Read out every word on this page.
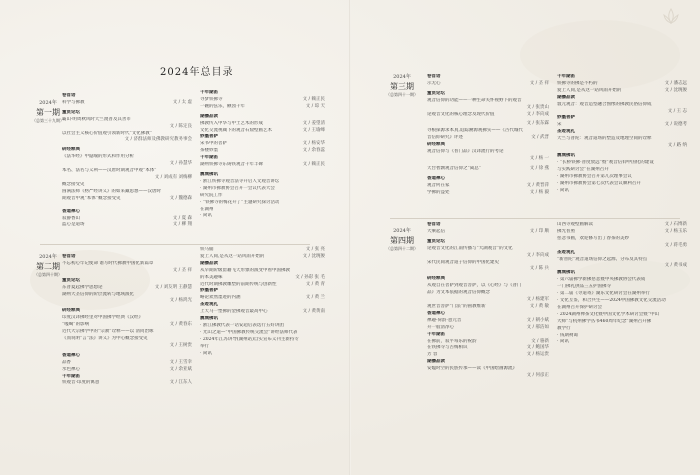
2024年总目录
2024年
第一期
（总第三十九期）
卷首语
科学与佛教	文 / 太 虚
董贯论坛
霸山·明周秋风时天竺渡普及其善市
文 / 陈定良
以社会主义核心价值观引领新时代“文化佛教”
文 / 济群法师及佛教研究教务事会
研经释典
《法华经》中隐喻的形式和作用分析
文 / 孙慧华
本名、法名与义利——汉唐时期观音中观“本体”
文 / 刘成有 刘梅柳
概念接受史
圆满法师《楞严经讲义》的如来藏思想——汉唐时
期观音中观“本体”概念接受史	文 / 魏德森
香道禅心
寂静香山	文 / 夏 森
蓝心是道场	文 / 柳 翔
千年湖笛
寻梦铁佛寺	文 / 赖正民
一碗的弦乐，额园千年	文 / 琼 天
湖播品读
佛教传入中华与中土艺术的形成	文 / 姜望清
文化交流视阈下的观音石窟壁画艺术	文 / 王瑜峰
妙墨菩萨
宋书中的菩萨	文 / 杨安华
茶楼妙墨	文 / 余春蕊
千年湖笛
湖州铁佛寺东铸铁观音千年丰碑	文 / 赖正民
震城佛讯
· 浙江铁佛寺观音法寺开启人文观音讲坛
· 湖州市佛教协会召开一会议代表大会
研究院工作
· “铁佛寺的梅花开了”主题研究探讨活动
在湖州
· 简讯
2024年
第二期
（总第四十期）
卷首语
不忘初心牢记使命 谱写时代佛教中国化新篇章
文 / 圣 祥
董贯论坛
东普夏起佛学思想论	文 / 刘友明 王静慧
湖州大圣信仰的阶层流转与地域演化
文 / 杨鸿光
研经释典
印度汉译佛经里对中国佛学经典《汉经》
“嘎噶”的影响	文 / 黄春东
近代大宗佛学中的“宗教”诠释——以 清同治咏
《而说明“言”法》讲义》为中心概念接受史
文 / 王树贵
香道禅心
品香	文 / 王雪幸
水色禅心	文 / 余亚斌
千年湖笛
铁观音·印度的寓意	文 / 江东人
铁马俑	文 / 张 亮
爱上人间,是从这一站风雨开始的	文 / 沈琬俊
湖播品读
从早期阶级留籍飞天形象的演变中看中国佛教
的本美趣味	文 / 孙彩 张 毛
近代时期佛教雕塑的前期传统与创新性	文 / 黄 青
妙墨菩萨
略论欢然墨迹的内涵	文 / 黄 兰
圣迹观礼
上天马一塑佛的金佛观音最高中心	文 / 黄黄南
震城佛讯
· 浙江佛教代表一话安超后表选行五好讲团
· 光山之道—“中国佛教传统交流会”讲经法师代表
· 2024年江苏讲导(湖州站)自实宣布义刊主新持专
举行
· 简讯
2024年
第三期
（总第四十一期）
卷首语
示无心	文 / 圣 祥
董贯论坛
观音信仰的功能——一种生命关怀视野下的观音
文 / 张贵山
论观音文化的核心理念及现代价值	文 / 李向成
文 / 张东霖
寻根探源求本真,追踪溯源观佛实——《古代城代
音信仰研究》评述	文 / 武晋
研经释典
观音信仰与《普门品》汉译流行的考论
文 / 杨 一
天台智颢观音信仰之“离总”	文 / 徐 燕
香道禅心
观音何在家	文 / 黄晋萍
学佛的益处	文 / 杨 毅
千年湖笛
铁佛寺的佛是不朽的	文 / 潘志远
爱上人间,是从这一站风雨开始的	文 / 沈琬俊
湖播品读
敦元观音：观音造型融合图像的佛教民俗信仰成
文 / 王 志
妙墨菩萨
宋	文 / 说德考
圣迹观礼
天竺与普陀：观音道场的塑造及地理空间的诠释
文 / 路 纳
震城佛讯
· “长桥铁佛·普度放远”暨“观音信仰中国化的建设
与实践研讨会”在湖州召开
· 湖州市佛教协会召开第几次理事会议
· 湖州市佛教协会第七次代表会议顺利召开
· 简讯
2024年
第四期
（总第四十二期）
卷首语
大乘起信	文 / 印 顺
董贯论坛
论观音文化的江南传播与“大湖观音”的文化
文 / 李向成
宋代民间观音道子信仰的中国化建史
文 / 陈 兵
研经释典
从观自在菩萨到观音菩萨，以《心经》与《普门
品》为文本依据的观音信仰概念
文 / 杨建军
观世音菩萨“门法”的圆教维新	文 / 黄 敏
香道禅心
禅趣·荷韵·意元音	文 / 朝小斌
升一般清净心	文 / 郝洁如
千年湖笛
在佛前，寂平每乐的祝韵	文 / 骆新
在铁佛寺与古梅相识	文 / 鲍国华
芳 容	文 / 杨运贵
湖播品读
安媪时空的民族传承——读《中国绘画源流》
文 / 何彦正
山西寺观壁画解读	文 / 石博新
佛光普照	文 / 杨玉乐
慈悲书画，欢迎修写出了春茶的美妙
文 / 蒋毛勇
圣迹观礼
“新普陀”观音道场信仰之起源、分布及其特点
文 / 黄书成
震城佛讯
· 第六届佛学新佛慈悲暨中央佛教协会代表成
一门佛礼供品三五护国佛寺
· 第二届《寻道寄》湖乐文化研讨会在湖州举行
· 文化互鉴，和合共生——2024中国佛教文化交流活动
在湖州召开保护研讨会
· 2024湖州禅茶文化暨中国文化学术研讨会暨“中山
大师“与杭州佛学丛书460周年纪念”湖州召开佛
教学行
· 钱期祠谒
· 简讯
